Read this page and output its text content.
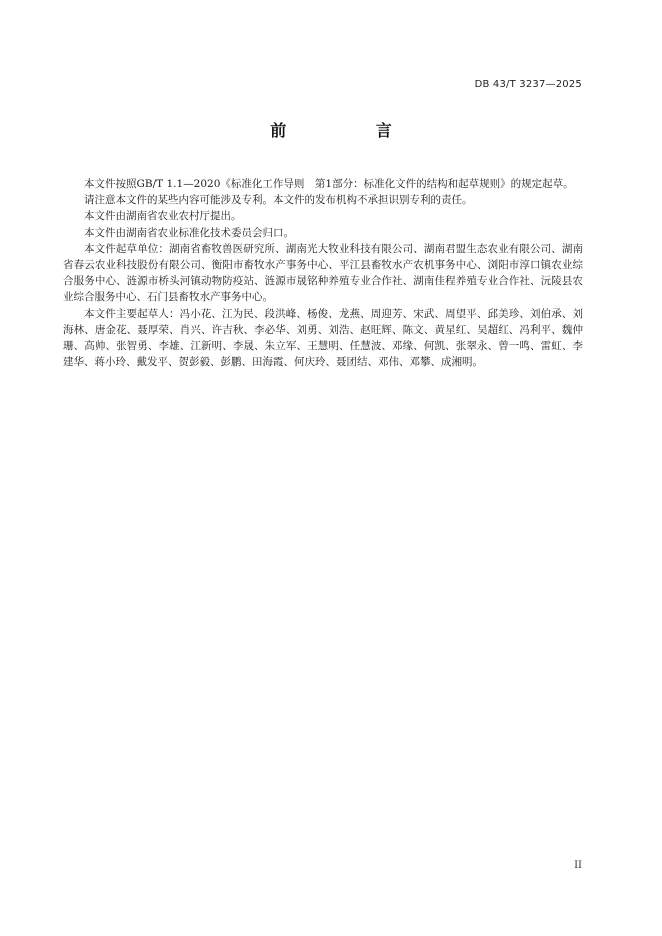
DB 43/T 3237—2025
前 言

本文件按照GB/T 1.1—2020《标准化工作导则　第1部分：标准化文件的结构和起草规则》的规定起草。

请注意本文件的某些内容可能涉及专利。本文件的发布机构不承担识别专利的责任。

本文件由湖南省农业农村厅提出。

本文件由湖南省农业标准化技术委员会归口。

本文件起草单位：湖南省畜牧兽医研究所、湖南光大牧业科技有限公司、湖南君盟生态农业有限公司、湖南省春云农业科技股份有限公司、衡阳市畜牧水产事务中心、平江县畜牧水产农机事务中心、浏阳市淳口镇农业综合服务中心、涟源市桥头河镇动物防疫站、涟源市晟铭种养殖专业合作社、湖南佳程养殖专业合作社、沅陵县农业综合服务中心、石门县畜牧水产事务中心。

本文件主要起草人：冯小花、江为民、段洪峰、杨俊、龙燕、周迎芳、宋武、周望平、邱美珍、刘伯承、刘海林、唐金花、聂厚荣、肖兴、许吉秋、李必华、刘勇、刘浩、赵旺辉、陈文、黄星红、吴超红、冯利平、魏仲珊、高帅、张智勇、李雄、江新明、李晟、朱立军、王慧明、任慧波、邓缘、何凯、张翠永、曾一鸣、雷虹、李建华、蒋小玲、戴发平、贺彭毅、彭鹏、田海霞、何庆玲、聂团结、邓伟、邓攀、成湘明。

II
